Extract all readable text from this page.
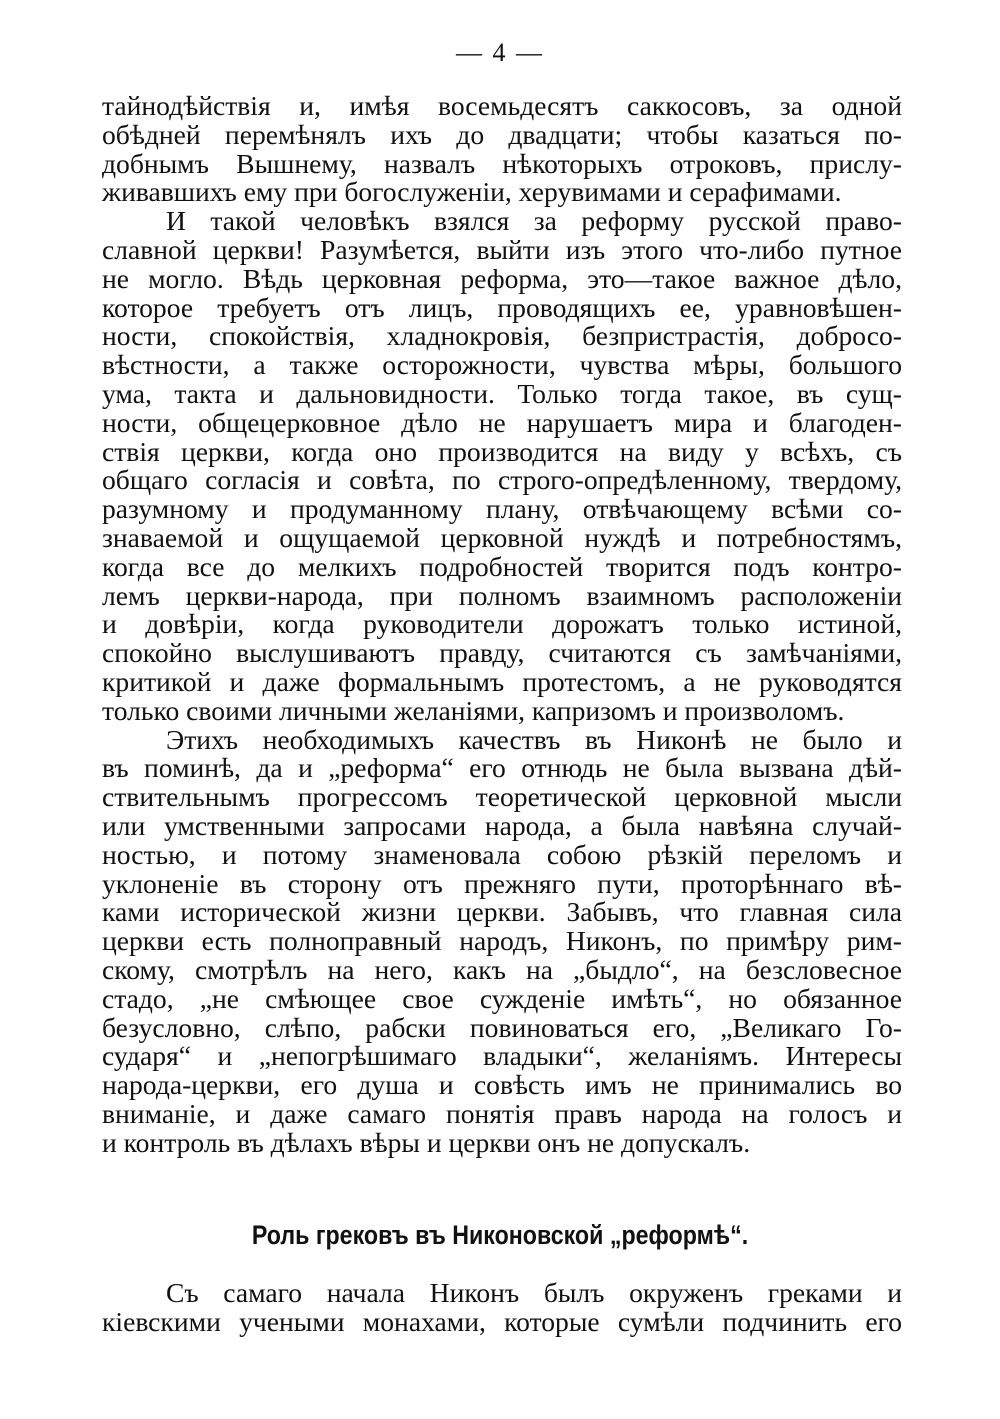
— 4 —
тайнодѣйствія и, имѣя восемьдесятъ саккосовъ, за одной
обѣдней перемѣнялъ ихъ до двадцати; чтобы казаться по-
добнымъ Вышнему, назвалъ нѣкоторыхъ отроковъ, прислу-
живавшихъ ему при богослуженіи, херувимами и серафимами.
И такой человѣкъ взялся за реформу русской право-
славной церкви! Разумѣется, выйти изъ этого что-либо путное
не могло. Вѣдь церковная реформа, это—такое важное дѣло,
которое требуетъ отъ лицъ, проводящихъ ее, уравновѣшен-
ности, спокойствія, хладнокровія, безпристрастія, добросо-
вѣстности, а также осторожности, чувства мѣры, большого
ума, такта и дальновидности. Только тогда такое, въ сущ-
ности, общецерковное дѣло не нарушаетъ мира и благоден-
ствія церкви, когда оно производится на виду у всѣхъ, съ
общаго согласія и совѣта, по строго-опредѣленному, твердому,
разумному и продуманному плану, отвѣчающему всѣми со-
знаваемой и ощущаемой церковной нуждѣ и потребностямъ,
когда все до мелкихъ подробностей творится подъ контро-
лемъ церкви-народа, при полномъ взаимномъ расположеніи
и довѣріи, когда руководители дорожатъ только истиной,
спокойно выслушиваютъ правду, считаются съ замѣчаніями,
критикой и даже формальнымъ протестомъ, а не руководятся
только своими личными желаніями, капризомъ и произволомъ.
Этихъ необходимыхъ качествъ въ Никонѣ не было и
въ поминѣ, да и „реформа“ его отнюдь не была вызвана дѣй-
ствительнымъ прогрессомъ теоретической церковной мысли
или умственными запросами народа, а была навѣяна случай-
ностью, и потому знаменовала собою рѣзкій переломъ и
уклоненіе въ сторону отъ прежняго пути, проторѣннаго вѣ-
ками исторической жизни церкви. Забывъ, что главная сила
церкви есть полноправный народъ, Никонъ, по примѣру рим-
скому, смотрѣлъ на него, какъ на „быдло“, на безсловесное
стадо, „не смѣющее свое сужденіе имѣть“, но обязанное
безусловно, слѣпо, рабски повиноваться его, „Великаго Го-
сударя“ и „непогрѣшимаго владыки“, желаніямъ. Интересы
народа-церкви, его душа и совѣсть имъ не принимались во
вниманіе, и даже самаго понятія правъ народа на голосъ и
и контроль въ дѣлахъ вѣры и церкви онъ не допускалъ.
Роль грековъ въ Никоновской „реформѣ“.
Съ самаго начала Никонъ былъ окруженъ греками и
кіевскими учеными монахами, которые сумѣли подчинить его
